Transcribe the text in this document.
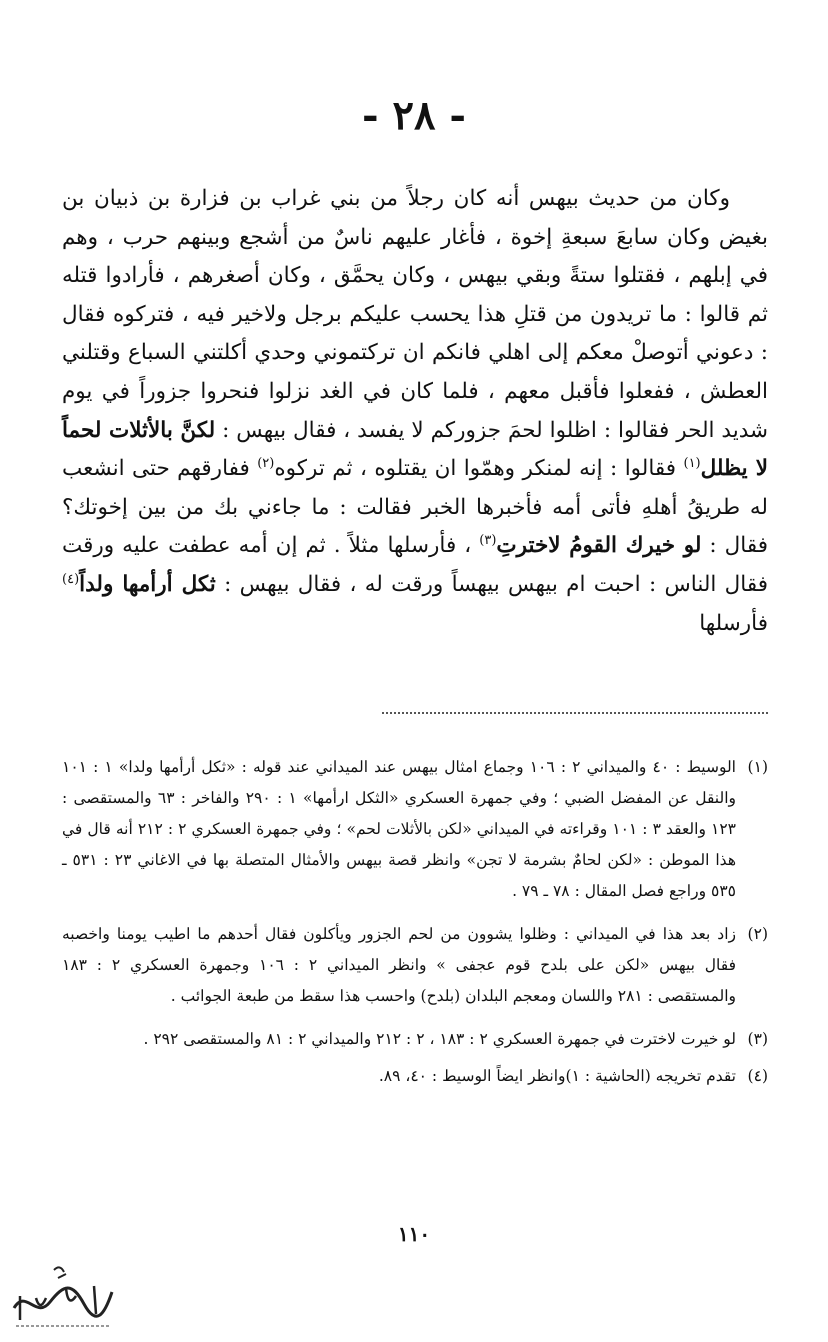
- ٢٨ -

وكان من حديث بيهس أنه كان رجلاً من بني غراب بن فزارة بن ذبيان بن بغيض وكان سابعَ سبعةِ إخوة ، فأغار عليهم ناسٌ من أشجع وبينهم حرب ، وهم في إبلهم ، فقتلوا ستةً وبقي بيهس ، وكان يحمَّق ، وكان أصغرهم ، فأرادوا قتله ثم قالوا : ما تريدون من قتلِ هذا يحسب عليكم برجل ولاخير فيه ، فتركوه فقال : دعوني أتوصلْ معكم إلى اهلي فانكم ان تركتموني وحدي أكلتني السباع وقتلني العطش ، ففعلوا فأقبل معهم ، فلما كان في الغد نزلوا فنحروا جزوراً في يوم شديد الحر فقالوا : اظلوا لحمَ جزوركم لا يفسد ، فقال بيهس : لكنَّ بالأثلات لحماً لا يظلل$^{(١)}$ فقالوا : إنه لمنكر وهمّوا ان يقتلوه ، ثم تركوه$^{(٢)}$ ففارقهم حتى انشعب له طريقُ أهلهِ فأتى أمه فأخبرها الخبر فقالت : ما جاءني بك من بين إخوتك؟ فقال : لو خيرك القومُ لاخترتِ$^{(٣)}$ ، فأرسلها مثلاً . ثم إن أمه عطفت عليه ورقت فقال الناس : احبت ام بيهس بيهساً ورقت له ، فقال بيهس : ثكل أرأمها ولداً$^{(٤)}$ فأرسلها

(١)
الوسيط : ٤٠ والميداني ٢ : ١٠٦ وجماع امثال بيهس عند الميداني عند قوله : «ثكل أرأمها ولدا» ١ : ١٠١ والنقل عن المفضل الضبي ؛ وفي جمهرة العسكري «الثكل ارأمها» ١ : ٢٩٠ والفاخر : ٦٣ والمستقصى : ١٢٣ والعقد ٣ : ١٠١ وقراءته في الميداني «لكن بالأثلات لحم» ؛ وفي جمهرة العسكري ٢ : ٢١٢ أنه قال في هذا الموطن : «لكن لحامٌ بشرمة لا تجن» وانظر قصة بيهس والأمثال المتصلة بها في الاغاني ٢٣ : ٥٣١ ـ ٥٣٥ وراجع فصل المقال : ٧٨ ـ ٧٩ .
(٢)
زاد بعد هذا في الميداني : وظلوا يشوون من لحم الجزور ويأكلون فقال أحدهم ما اطيب يومنا واخصبه فقال بيهس «لكن على بلدح قوم عجفى » وانظر الميداني ٢ : ١٠٦ وجمهرة العسكري ٢ : ١٨٣ والمستقصى : ٢٨١ واللسان ومعجم البلدان (بلدح) واحسب هذا سقط من طبعة الجوائب .
(٣)
لو خيرت لاخترت في جمهرة العسكري ٢ : ١٨٣ ، ٢ : ٢١٢ والميداني ٢ : ٨١ والمستقصى ٢٩٢ .
(٤)
تقدم تخريجه (الحاشية : ١)وانظر ايضاً الوسيط : ٤٠، ٨٩.
١١٠
